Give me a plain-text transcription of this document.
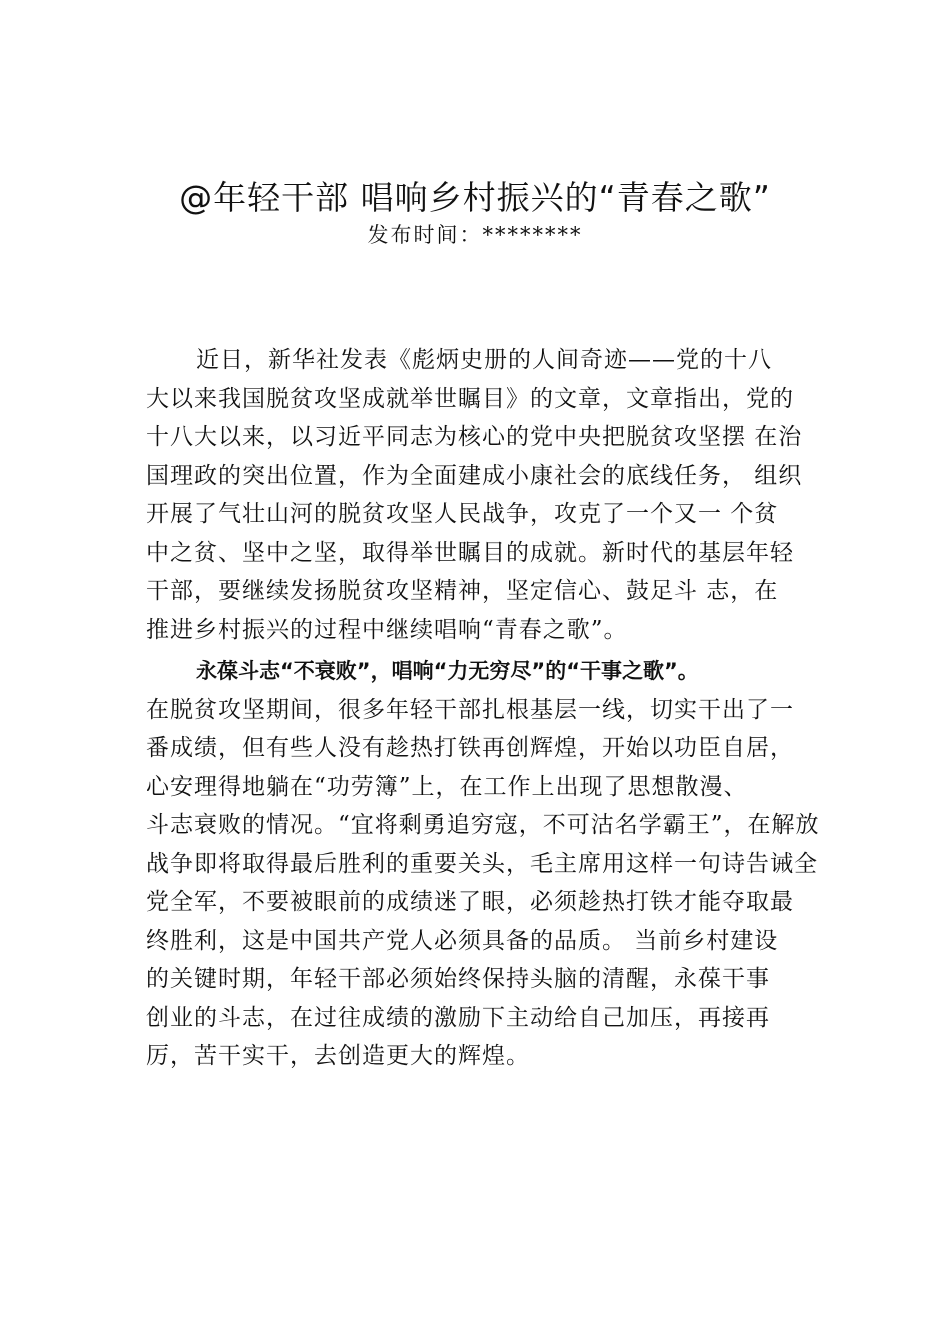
@年轻干部 唱响乡村振兴的“青春之歌”
发布时间：********
近日，新华社发表《彪炳史册的人间奇迹——党的十八
大以来我国脱贫攻坚成就举世瞩目》的文章，文章指出，党的
十八大以来，以习近平同志为核心的党中央把脱贫攻坚摆 在治
国理政的突出位置，作为全面建成小康社会的底线任务， 组织
开展了气壮山河的脱贫攻坚人民战争，攻克了一个又一 个贫
中之贫、坚中之坚，取得举世瞩目的成就。新时代的基层年轻
干部，要继续发扬脱贫攻坚精神，坚定信心、鼓足斗 志，在
推进乡村振兴的过程中继续唱响“青春之歌”。
永葆斗志“不衰败”，唱响“力无穷尽”的“干事之歌”。
在脱贫攻坚期间，很多年轻干部扎根基层一线，切实干出了一
番成绩，但有些人没有趁热打铁再创辉煌，开始以功臣自居，
心安理得地躺在“功劳簿”上，在工作上出现了思想散漫、
斗志衰败的情况。“宜将剩勇追穷寇，不可沽名学霸王”，在解放
战争即将取得最后胜利的重要关头，毛主席用这样一句诗告诫全
党全军，不要被眼前的成绩迷了眼，必须趁热打铁才能夺取最
终胜利，这是中国共产党人必须具备的品质。 当前乡村建设
的关键时期，年轻干部必须始终保持头脑的清醒，永葆干事
创业的斗志，在过往成绩的激励下主动给自己加压，再接再
厉，苦干实干，去创造更大的辉煌。
